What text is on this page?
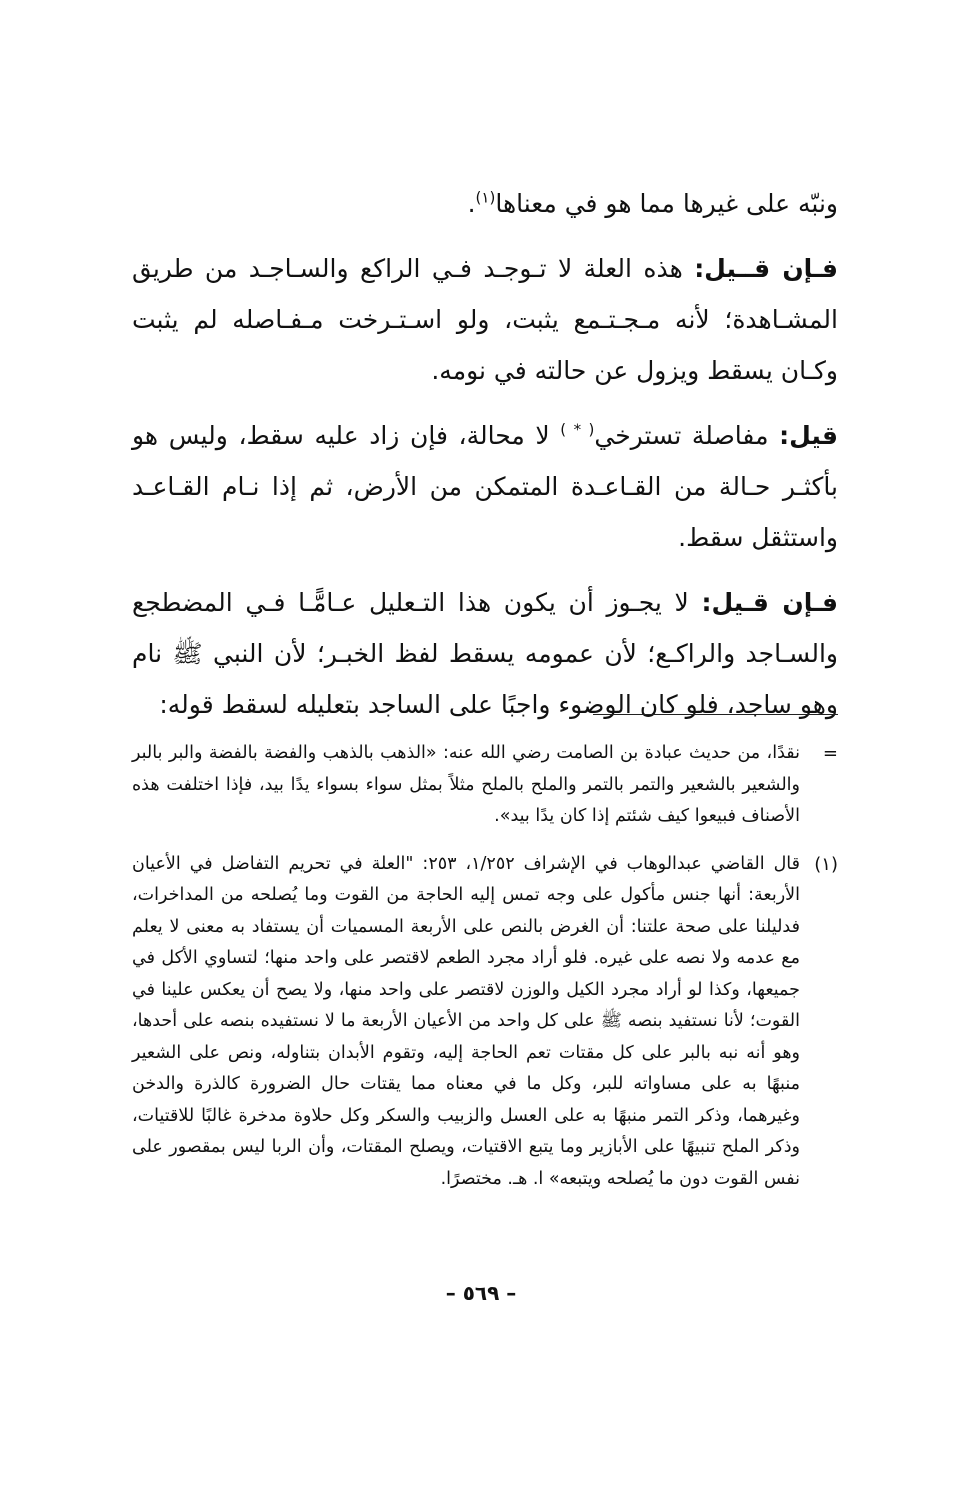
ونبّه على غيرها مما هو في معناها$^{(١)}$.

فـإن قــيل: هذه العلة لا تـوجـد فـي الراكع والسـاجـد من طريق المشـاهدة؛ لأنه مـجـتـمع يثبت، ولو اسـتـرخت مـفـاصله لم يثبت وكـان يسقط ويزول عن حالته في نومه.

قيل: مفاصلة تسترخي( * ) لا محالة، فإن زاد عليه سقط، وليس هو بأكثـر حـالة من القـاعـدة المتمكن من الأرض، ثم إذا نـام القـاعـد واستثقل سقط.

فـإن قـيل: لا يجـوز أن يكون هذا التـعليل عـامًّـا فـي المضطجع والسـاجد والراكـع؛ لأن عمومه يسقط لفظ الخبـر؛ لأن النبي ﷺ نام وهو ساجد، فلو كان الوضوء واجبًا على الساجد بتعليله لسقط قوله:

=
نقدًا، من حديث عبادة بن الصامت رضي الله عنه: «الذهب بالذهب والفضة بالفضة والبر بالبر والشعير بالشعير والتمر بالتمر والملح بالملح مثلاً بمثل سواء بسواء يدًا بيد، فإذا اختلفت هذه الأصناف فبيعوا كيف شئتم إذا كان يدًا بيد».
(١)
قال القاضي عبدالوهاب في الإشراف ١/٢٥٢، ٢٥٣: "العلة في تحريم التفاضل في الأعيان الأربعة: أنها جنس مأكول على وجه تمس إليه الحاجة من القوت وما يُصلحه من المداخرات، فدليلنا على صحة علتنا: أن الغرض بالنص على الأربعة المسميات أن يستفاد به معنى لا يعلم مع عدمه ولا نصه على غيره. فلو أراد مجرد الطعم لاقتصر على واحد منها؛ لتساوي الأكل في جميعها، وكذا لو أراد مجرد الكيل والوزن لاقتصر على واحد منها، ولا يصح أن يعكس علينا في القوت؛ لأنا نستفيد بنصه ﷺ على كل واحد من الأعيان الأربعة ما لا نستفيده بنصه على أحدها، وهو أنه نبه بالبر على كل مقتات تعم الحاجة إليه، وتقوم الأبدان بتناوله، ونص على الشعير منبهًا به على مساواته للبر، وكل ما في معناه مما يقتات حال الضرورة كالذرة والدخن وغيرهما، وذكر التمر منبهًا به على العسل والزبيب والسكر وكل حلاوة مدخرة غالبًا للاقتيات، وذكر الملح تنبيهًا على الأبازير وما يتبع الاقتيات، ويصلح المقتات، وأن الربا ليس بمقصور على نفس القوت دون ما يُصلحه ويتبعه» ا. هـ. مختصرًا.
– ٥٦٩ –
